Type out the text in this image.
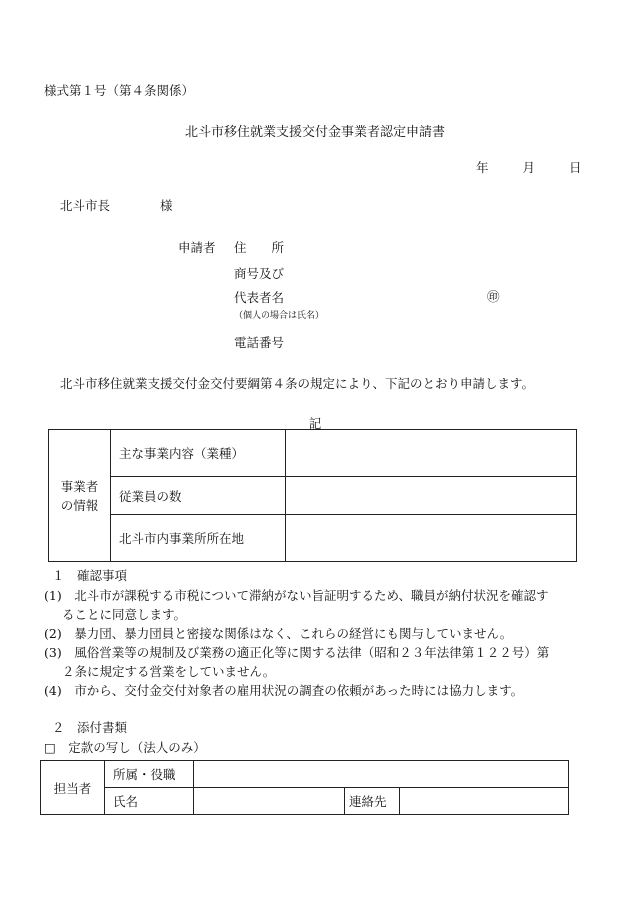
様式第１号（第４条関係）
北斗市移住就業支援交付金事業者認定申請書
年	月	日
北斗市長	様
申請者 住　　所
商号及び
代表者名
（個人の場合は氏名）
電話番号
㊞
北斗市移住就業支援交付金交付要綱第４条の規定により、下記のとおり申請します。
記
事業者
の情報	主な事業内容（業種）	
	従業員の数	
	北斗市内事業所所在地	
１　確認事項
(1)　北斗市が課税する市税について滞納がない旨証明するため、職員が納付状況を確認す
ることに同意します。
(2)　暴力団、暴力団員と密接な関係はなく、これらの経営にも関与していません。
(3)　風俗営業等の規制及び業務の適正化等に関する法律（昭和２３年法律第１２２号）第
２条に規定する営業をしていません。
(4)　市から、交付金交付対象者の雇用状況の調査の依頼があった時には協力します。
２　添付書類
□　定款の写し（法人のみ）
担当者	所属・役職			
	氏名		連絡先	
